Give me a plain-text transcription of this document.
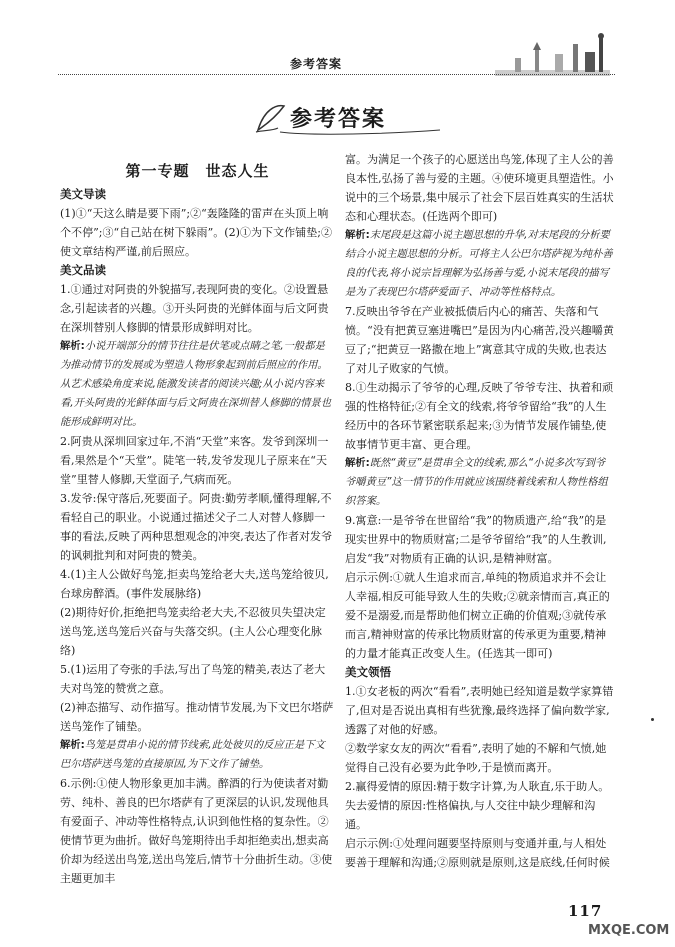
参考答案
参考答案
第一专题　世态人生
美文导读
(1)①“天这么睛是要下雨”;②“轰隆隆的雷声在头顶上响个不停”;③“自己站在树下躲雨”。(2)①为下文作铺垫;②使文章结构严谨,前后照应。
美文品读
1.①通过对阿贵的外貌描写,表现阿贵的变化。②设置悬念,引起读者的兴趣。③开头阿贵的光鲜体面与后文阿贵在深圳替别人修脚的情景形成鲜明对比。
解析:小说开端部分的情节往往是伏笔或点睛之笔,一般都是为推动情节的发展或为塑造人物形象起到前后照应的作用。从艺术感染角度来说,能激发读者的阅读兴趣;从小说内容来看,开头阿贵的光鲜体面与后文阿贵在深圳替人修脚的情景也能形成鲜明对比。
2.阿贵从深圳回家过年,不消“天堂”来客。发爷到深圳一看,果然是个“天堂”。陡笔一转,发爷发现儿子原来在“天堂”里替人修脚,天堂面子,气病而死。
3.发爷:保守落后,死要面子。阿贵:勤劳孝顺,懂得理解,不看轻自己的职业。小说通过描述父子二人对替人修脚一事的看法,反映了两种思想观念的冲突,表达了作者对发爷的讽刺批判和对阿贵的赞美。
4.(1)主人公做好鸟笼,拒卖鸟笼给老大夫,送鸟笼给彼贝,台球房醉酒。(事件发展脉络)
(2)期待好价,拒绝把鸟笼卖给老大夫,不忍彼贝失望决定送鸟笼,送鸟笼后兴奋与失落交织。(主人公心理变化脉络)
5.(1)运用了夸张的手法,写出了鸟笼的精美,表达了老大夫对鸟笼的赞赏之意。
(2)神态描写、动作描写。推动情节发展,为下文巴尔塔萨送鸟笼作了铺垫。
解析:鸟笼是贯串小说的情节线索,此处彼贝的反应正是下文巴尔塔萨送鸟笼的直接原因,为下文作了铺垫。
6.示例:①使人物形象更加丰满。醉酒的行为使读者对勤劳、纯朴、善良的巴尔塔萨有了更深层的认识,发现他具有爱面子、冲动等性格特点,认识到他性格的复杂性。②使情节更为曲折。做好鸟笼期待出手却拒绝卖出,想卖高价却为经送出鸟笼,送出鸟笼后,情节十分曲折生动。③使主题更加丰
富。为满足一个孩子的心愿送出鸟笼,体现了主人公的善良本性,弘扬了善与爱的主题。④使环境更具塑造性。小说中的三个场景,集中展示了社会下层百姓真实的生活状态和心理状态。(任选两个即可)
解析:末尾段是这篇小说主题思想的升华,对末尾段的分析要结合小说主题思想的分析。可将主人公巴尔塔萨视为纯朴善良的代表,将小说宗旨理解为弘扬善与爱,小说末尾段的描写是为了表现巴尔塔萨爱面子、冲动等性格特点。
7.反映出爷爷在产业被抵债后内心的痛苦、失落和气愤。“没有把黄豆塞进嘴巴”是因为内心痛苦,没兴趣嚼黄豆了;“把黄豆一路撒在地上”寓意其守成的失败,也表达了对儿子败家的气愤。
8.①生动揭示了爷爷的心理,反映了爷爷专注、执着和顽强的性格特征;②有全文的线索,将爷爷留给“我”的人生经历中的各环节紧密联系起来;③为情节发展作铺垫,使故事情节更丰富、更合理。
解析:既然“黄豆”是贯串全文的线索,那么“小说多次写到爷爷嚼黄豆”这一情节的作用就应该围绕着线索和人物性格组织答案。
9.寓意:一是爷爷在世留给“我”的物质遗产,给“我”的是现实世界中的物质财富;二是爷爷留给“我”的人生教训,启发“我”对物质有正确的认识,是精神财富。
启示示例:①就人生追求而言,单纯的物质追求并不会让人幸福,相反可能导致人生的失败;②就亲情而言,真正的爱不是溺爱,而是帮助他们树立正确的价值观;③就传承而言,精神财富的传承比物质财富的传承更为重要,精神的力量才能真正改变人生。(任选其一即可)
美文领悟
1.①女老板的两次“看看”,表明她已经知道是数学家算错了,但对是否说出真相有些犹豫,最终选择了偏向数学家,透露了对他的好感。
②数学家女友的两次“看看”,表明了她的不解和气愤,她觉得自己没有必要为此争吵,于是愤而离开。
2.赢得爱情的原因:精于数字计算,为人耿直,乐于助人。
失去爱情的原因:性格偏执,与人交往中缺少理解和沟通。
启示示例:①处理问题要坚持原则与变通并重,与人相处要善于理解和沟通;②原则就是原则,这是底线,任何时候
117
MXQE.COM
